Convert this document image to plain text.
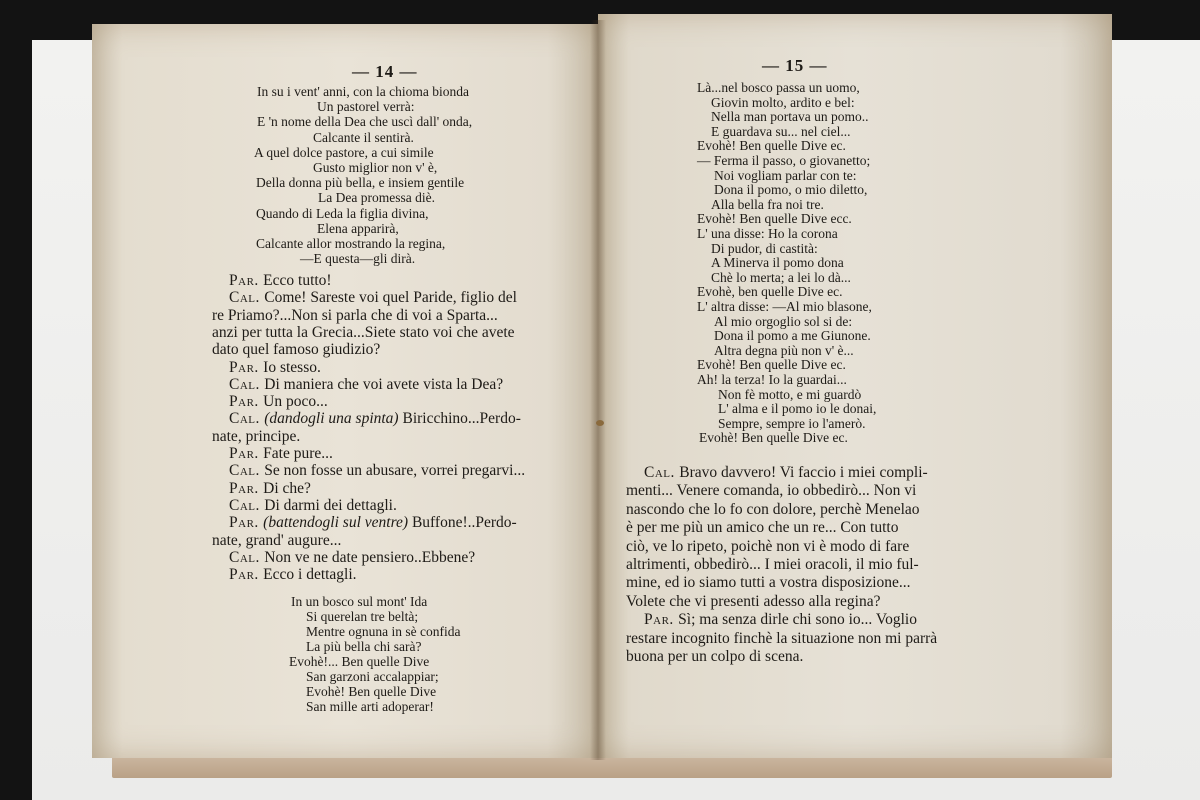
— 14 —
In su i vent' anni, con la chioma bionda
Un pastorel verrà:
E 'n nome della Dea che uscì dall' onda,
Calcante il sentirà.
A quel dolce pastore, a cui simile
Gusto miglior non v' è,
Della donna più bella, e insiem gentile
La Dea promessa diè.
Quando di Leda la figlia divina,
Elena apparirà,
Calcante allor mostrando la regina,
—E questa—gli dirà.
Par. Ecco tutto!
Cal. Come! Sareste voi quel Paride, figlio del
re Priamo?...Non si parla che di voi a Sparta...
anzi per tutta la Grecia...Siete stato voi che avete
dato quel famoso giudizio?
Par. Io stesso.
Cal. Di maniera che voi avete vista la Dea?
Par. Un poco...
Cal. (dandogli una spinta) Biricchino...Perdo-
nate, principe.
Par. Fate pure...
Cal. Se non fosse un abusare, vorrei pregarvi...
Par. Di che?
Cal. Di darmi dei dettagli.
Par. (battendogli sul ventre) Buffone!..Perdo-
nate, grand' augure...
Cal. Non ve ne date pensiero..Ebbene?
Par. Ecco i dettagli.
In un bosco sul mont' Ida
Si querelan tre beltà;
Mentre ognuna in sè confida
La più bella chi sarà?
Evohè!... Ben quelle Dive
San garzoni accalappiar;
Evohè! Ben quelle Dive
San mille arti adoperar!
— 15 —
Là...nel bosco passa un uomo,
Giovin molto, ardito e bel:
Nella man portava un pomo..
E guardava su... nel ciel...
Evohè! Ben quelle Dive ec.
— Ferma il passo, o giovanetto;
Noi vogliam parlar con te:
Dona il pomo, o mio diletto,
Alla bella fra noi tre.
Evohè! Ben quelle Dive ecc.
L' una disse: Ho la corona
Di pudor, di castità:
A Minerva il pomo dona
Chè lo merta; a lei lo dà...
Evohè, ben quelle Dive ec.
L' altra disse: —Al mio blasone,
Al mio orgoglio sol si de:
Dona il pomo a me Giunone.
Altra degna più non v' è...
Evohè! Ben quelle Dive ec.
Ah! la terza! Io la guardai...
Non fè motto, e mi guardò
L' alma e il pomo io le donai,
Sempre, sempre io l'amerò.
Evohè! Ben quelle Dive ec.
Cal. Bravo davvero! Vi faccio i miei compli-
menti... Venere comanda, io obbedirò... Non vi
nascondo che lo fo con dolore, perchè Menelao
è per me più un amico che un re... Con tutto
ciò, ve lo ripeto, poichè non vi è modo di fare
altrimenti, obbedirò... I miei oracoli, il mio ful-
mine, ed io siamo tutti a vostra disposizione...
Volete che vi presenti adesso alla regina?
Par. Sì; ma senza dirle chi sono io... Voglio
restare incognito finchè la situazione non mi parrà
buona per un colpo di scena.
